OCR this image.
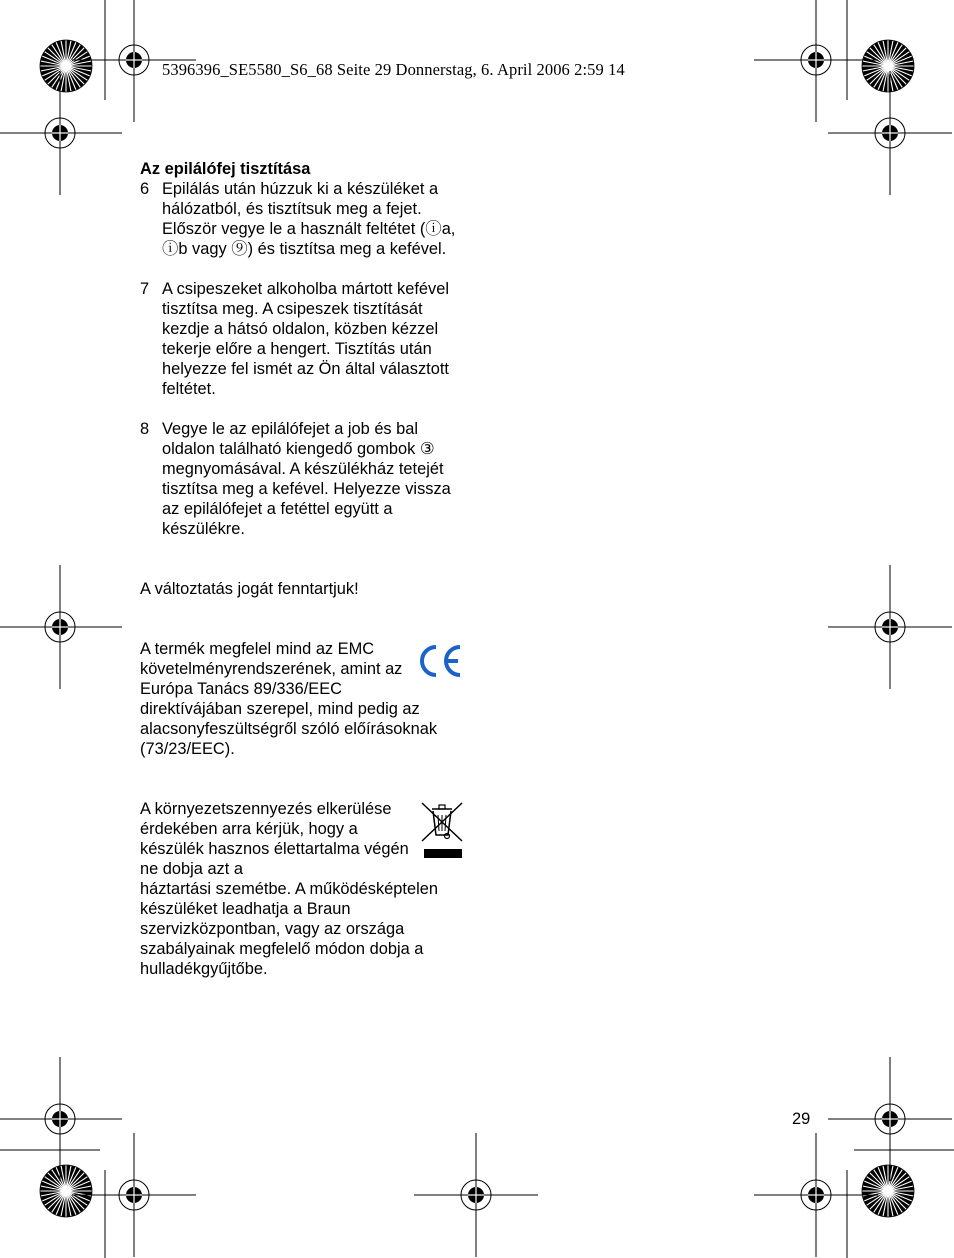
5396396_SE5580_S6_68 Seite 29 Donnerstag, 6. April 2006 2:59 14

Az epilálófej tisztítása

6 Epilálás után húzzuk ki a készüléket a hálózatból, és tisztítsuk meg a fejet. Először vegye le a használt feltétet (ⓘa, ⓘb vagy ⑨) és tisztítsa meg a kefével.
7 A csipeszeket alkoholba mártott kefével tisztítsa meg. A csipeszek tisztítását kezdje a hátsó oldalon, közben kézzel tekerje előre a hengert. Tisztítás után helyezze fel ismét az Ön által választott feltétet.
8 Vegye le az epilálófejet a job és bal oldalon található kiengedő gombok ③ megnyomásával. A készülékház tetejét tisztítsa meg a kefével. Helyezze vissza az epilálófejet a fetéttel együtt a készülékre.
A változtatás jogát fenntartjuk!
A termék megfelel mind az EMC követelményrendszerének, amint az Európa Tanács 89/336/EEC
direktívájában szerepel, mind pedig az alacsonyfeszültségről szóló előírásoknak (73/23/EEC).
A környezetszennyezés elkerülése érdekében arra kérjük, hogy a készülék hasznos élettartalma végén ne dobja azt a
háztartási szemétbe. A működésképtelen készüléket leadhatja a Braun szervizközpontban, vagy az országa szabályainak megfelelő módon dobja a hulladékgyűjtőbe.
29
